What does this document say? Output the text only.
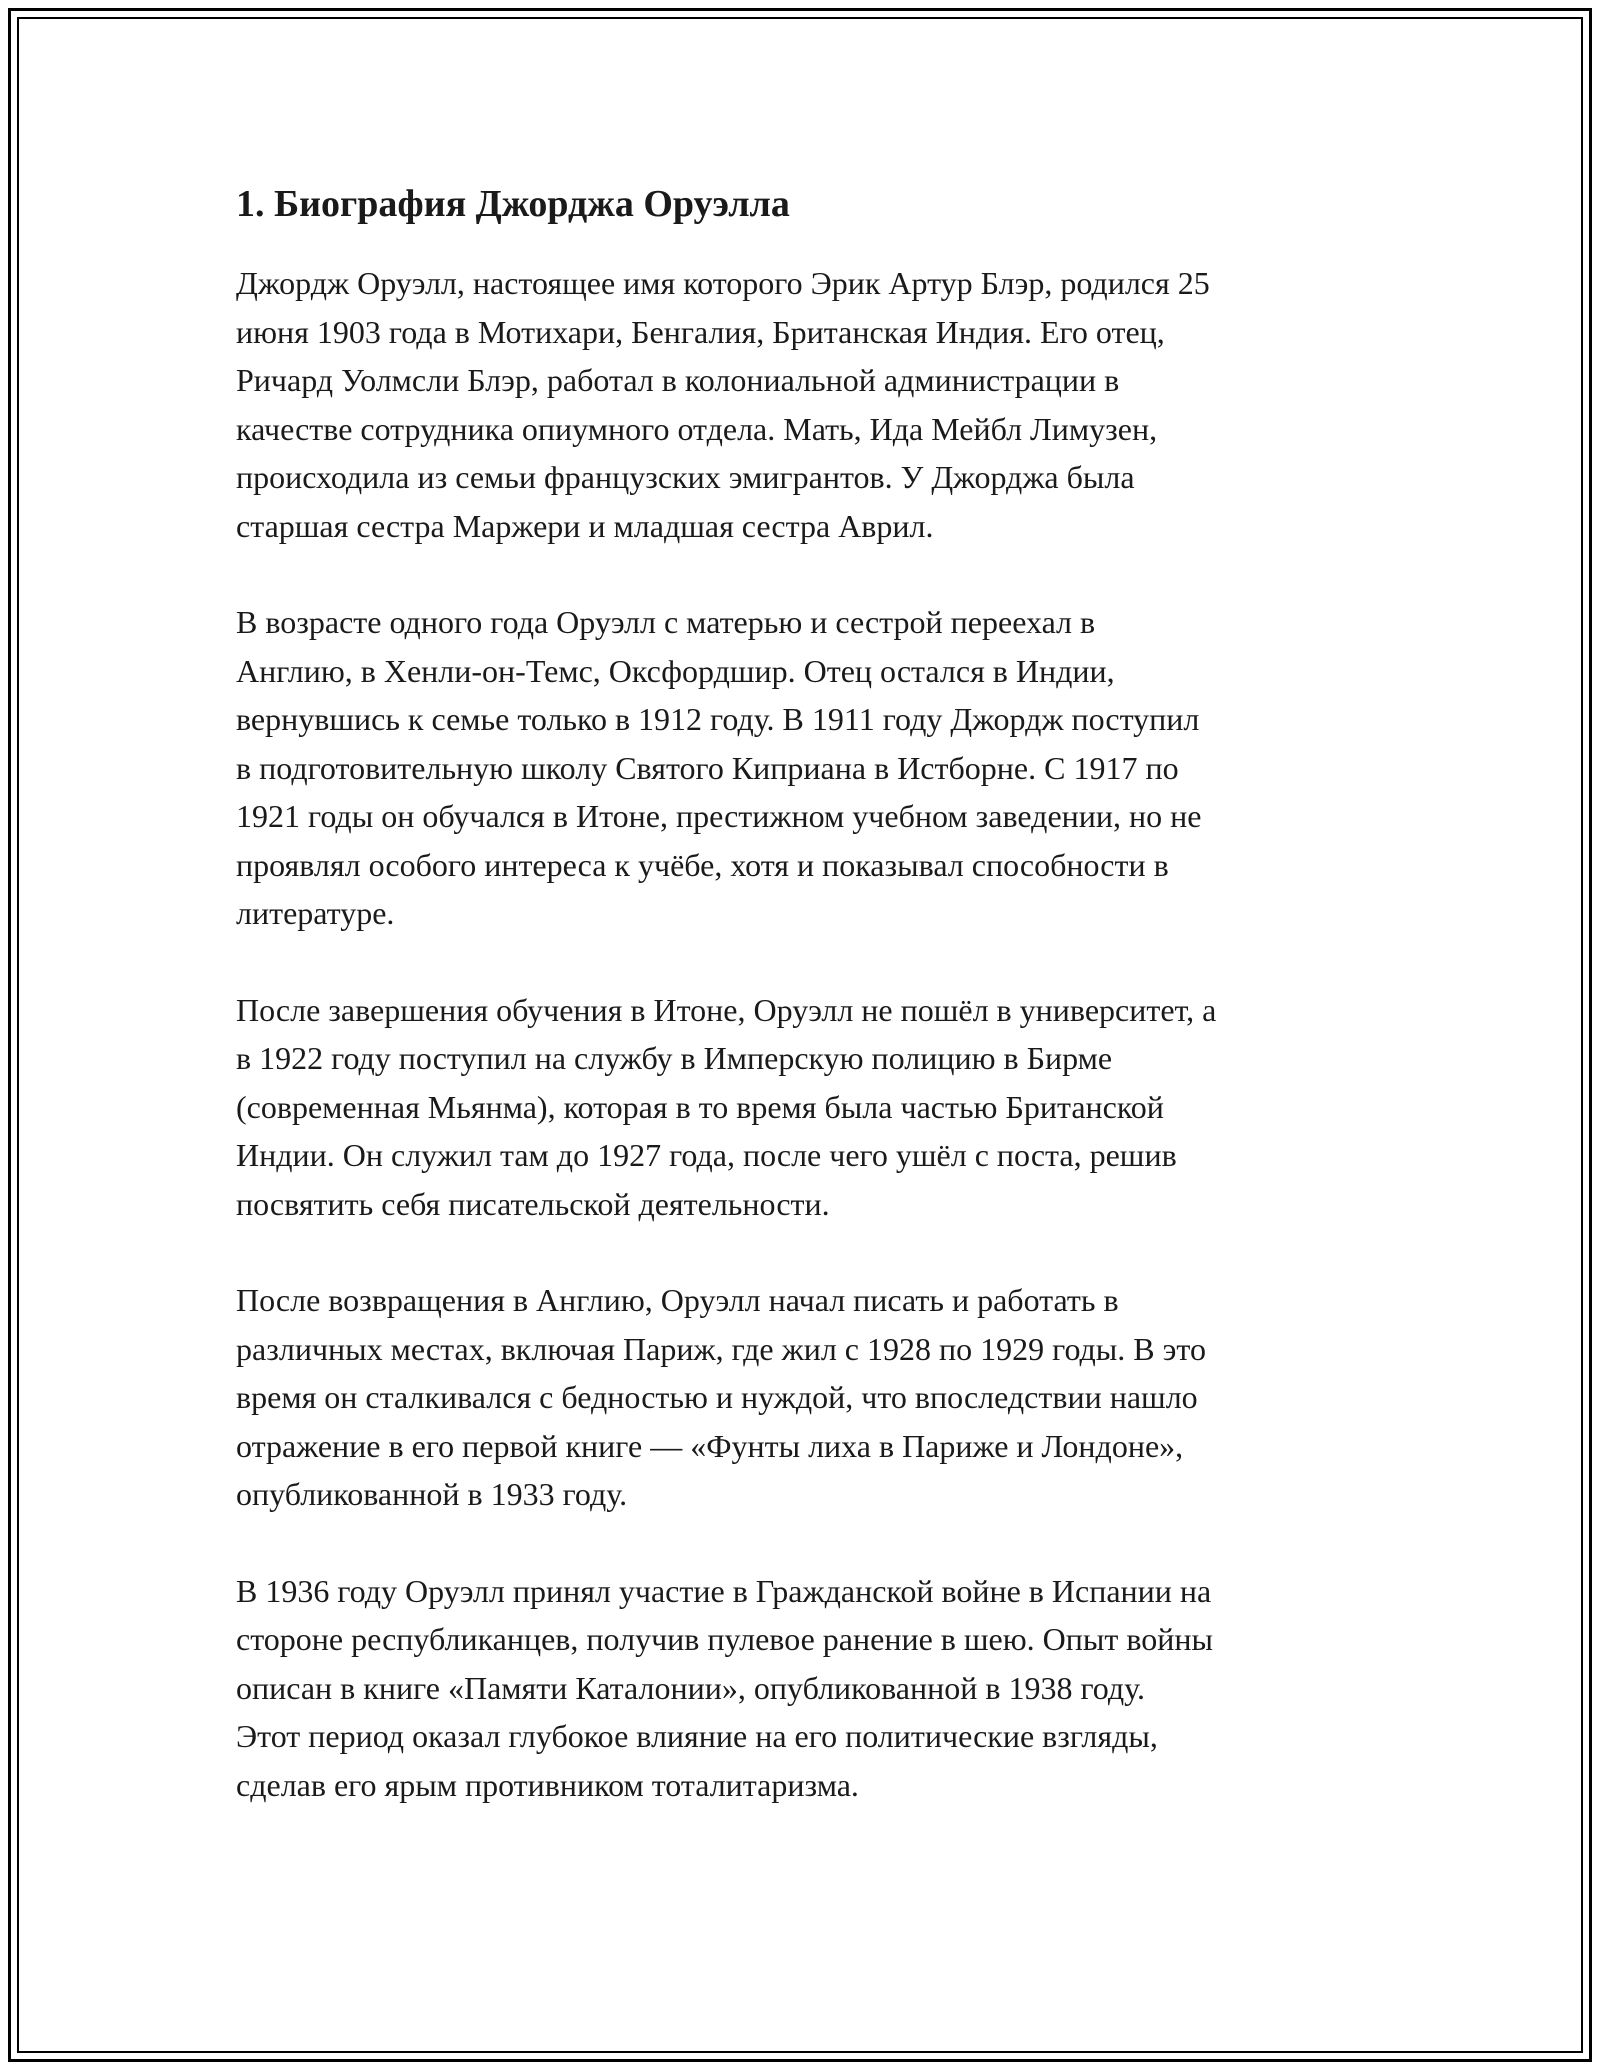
1. Биография Джорджа Оруэлла

Джордж Оруэлл, настоящее имя которого Эрик Артур Блэр, родился 25
июня 1903 года в Мотихари, Бенгалия, Британская Индия. Его отец,
Ричард Уолмсли Блэр, работал в колониальной администрации в
качестве сотрудника опиумного отдела. Мать, Ида Мейбл Лимузен,
происходила из семьи французских эмигрантов. У Джорджа была
старшая сестра Маржери и младшая сестра Аврил.

В возрасте одного года Оруэлл с матерью и сестрой переехал в
Англию, в Хенли-он-Темс, Оксфордшир. Отец остался в Индии,
вернувшись к семье только в 1912 году. В 1911 году Джордж поступил
в подготовительную школу Святого Киприана в Истборне. С 1917 по
1921 годы он обучался в Итоне, престижном учебном заведении, но не
проявлял особого интереса к учёбе, хотя и показывал способности в
литературе.

После завершения обучения в Итоне, Оруэлл не пошёл в университет, а
в 1922 году поступил на службу в Имперскую полицию в Бирме
(современная Мьянма), которая в то время была частью Британской
Индии. Он служил там до 1927 года, после чего ушёл с поста, решив
посвятить себя писательской деятельности.

После возвращения в Англию, Оруэлл начал писать и работать в
различных местах, включая Париж, где жил с 1928 по 1929 годы. В это
время он сталкивался с бедностью и нуждой, что впоследствии нашло
отражение в его первой книге — «Фунты лиха в Париже и Лондоне»,
опубликованной в 1933 году.

В 1936 году Оруэлл принял участие в Гражданской войне в Испании на
стороне республиканцев, получив пулевое ранение в шею. Опыт войны
описан в книге «Памяти Каталонии», опубликованной в 1938 году.
Этот период оказал глубокое влияние на его политические взгляды,
сделав его ярым противником тоталитаризма.
